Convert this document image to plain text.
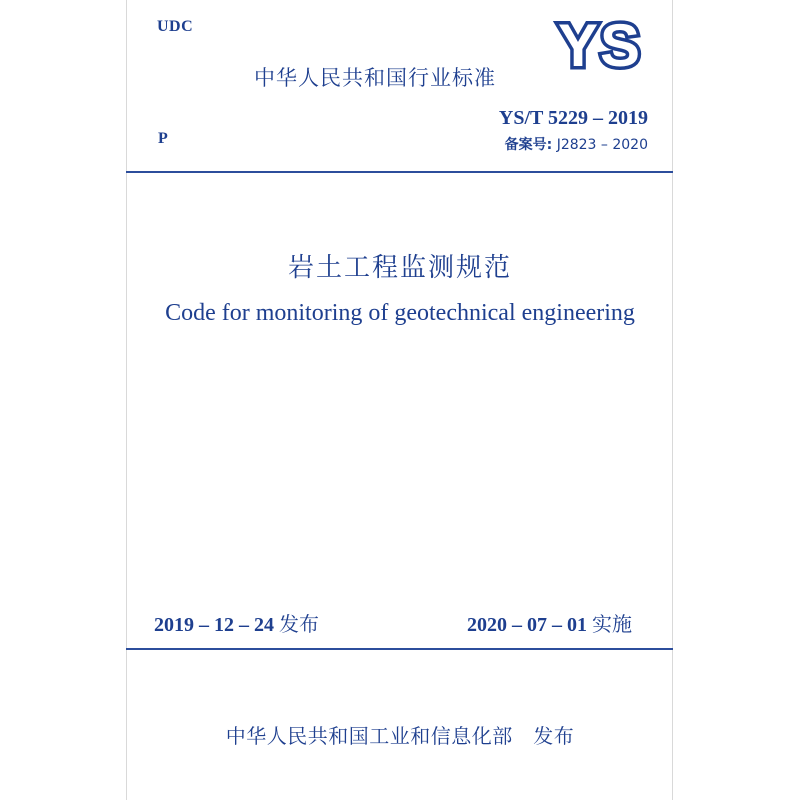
UDC	YS
中华人民共和国行业标准
P
YS/T 5229 – 2019
备案号: J2823 – 2020
岩土工程监测规范
Code for monitoring of geotechnical engineering
2019 – 12 – 24 发布	2020 – 07 – 01 实施
中华人民共和国工业和信息化部   发布
